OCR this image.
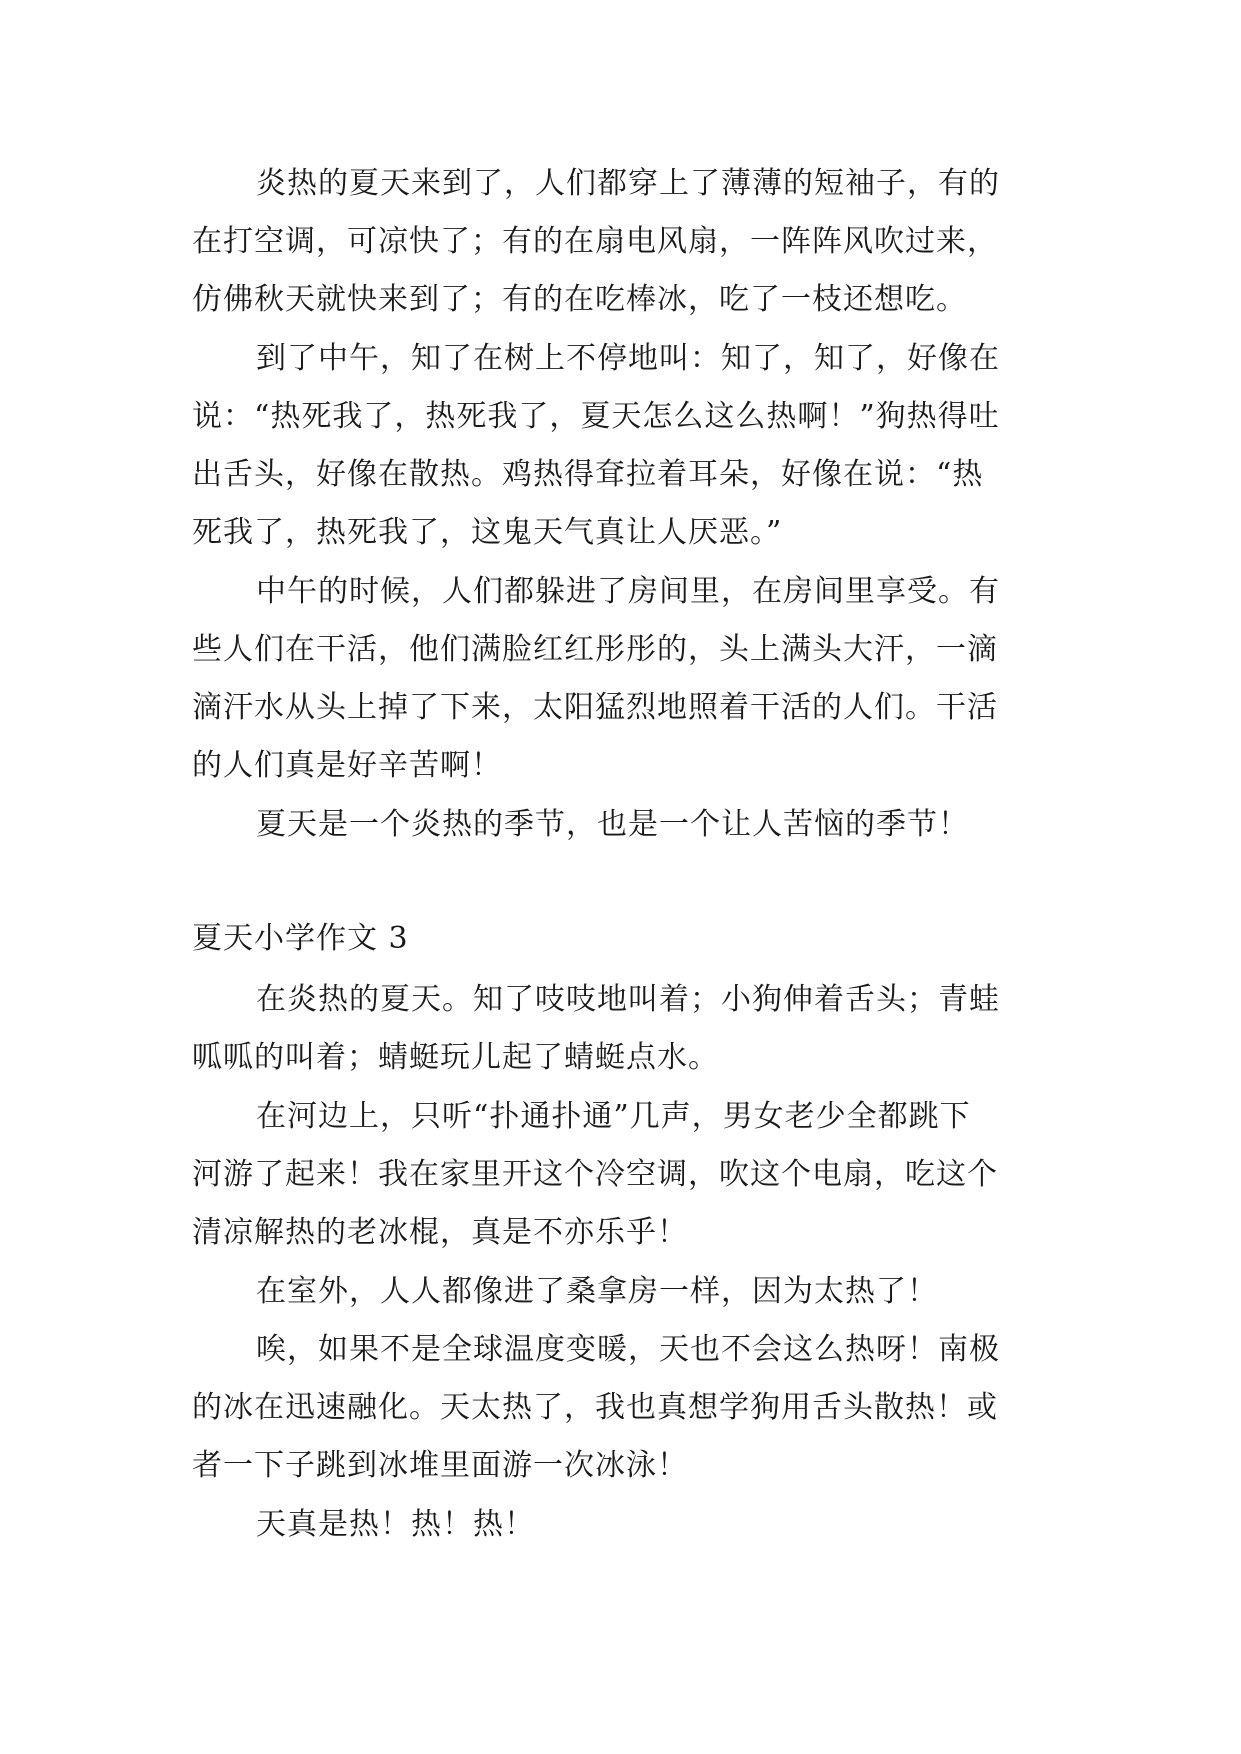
炎热的夏天来到了，人们都穿上了薄薄的短袖子，有的
在打空调，可凉快了；有的在扇电风扇，一阵阵风吹过来，
仿佛秋天就快来到了；有的在吃棒冰，吃了一枝还想吃。
到了中午，知了在树上不停地叫：知了，知了，好像在
说：“热死我了，热死我了，夏天怎么这么热啊！”狗热得吐
出舌头，好像在散热。鸡热得耷拉着耳朵，好像在说：“热
死我了，热死我了，这鬼天气真让人厌恶。”
中午的时候，人们都躲进了房间里，在房间里享受。有
些人们在干活，他们满脸红红彤彤的，头上满头大汗，一滴
滴汗水从头上掉了下来，太阳猛烈地照着干活的人们。干活
的人们真是好辛苦啊！
夏天是一个炎热的季节，也是一个让人苦恼的季节！
夏天小学作文 3
在炎热的夏天。知了吱吱地叫着；小狗伸着舌头；青蛙
呱呱的叫着；蜻蜓玩儿起了蜻蜓点水。
在河边上，只听“扑通扑通”几声，男女老少全都跳下
河游了起来！我在家里开这个冷空调，吹这个电扇，吃这个
清凉解热的老冰棍，真是不亦乐乎！
在室外，人人都像进了桑拿房一样，因为太热了！
唉，如果不是全球温度变暖，天也不会这么热呀！南极
的冰在迅速融化。天太热了，我也真想学狗用舌头散热！或
者一下子跳到冰堆里面游一次冰泳！
天真是热！热！热！
